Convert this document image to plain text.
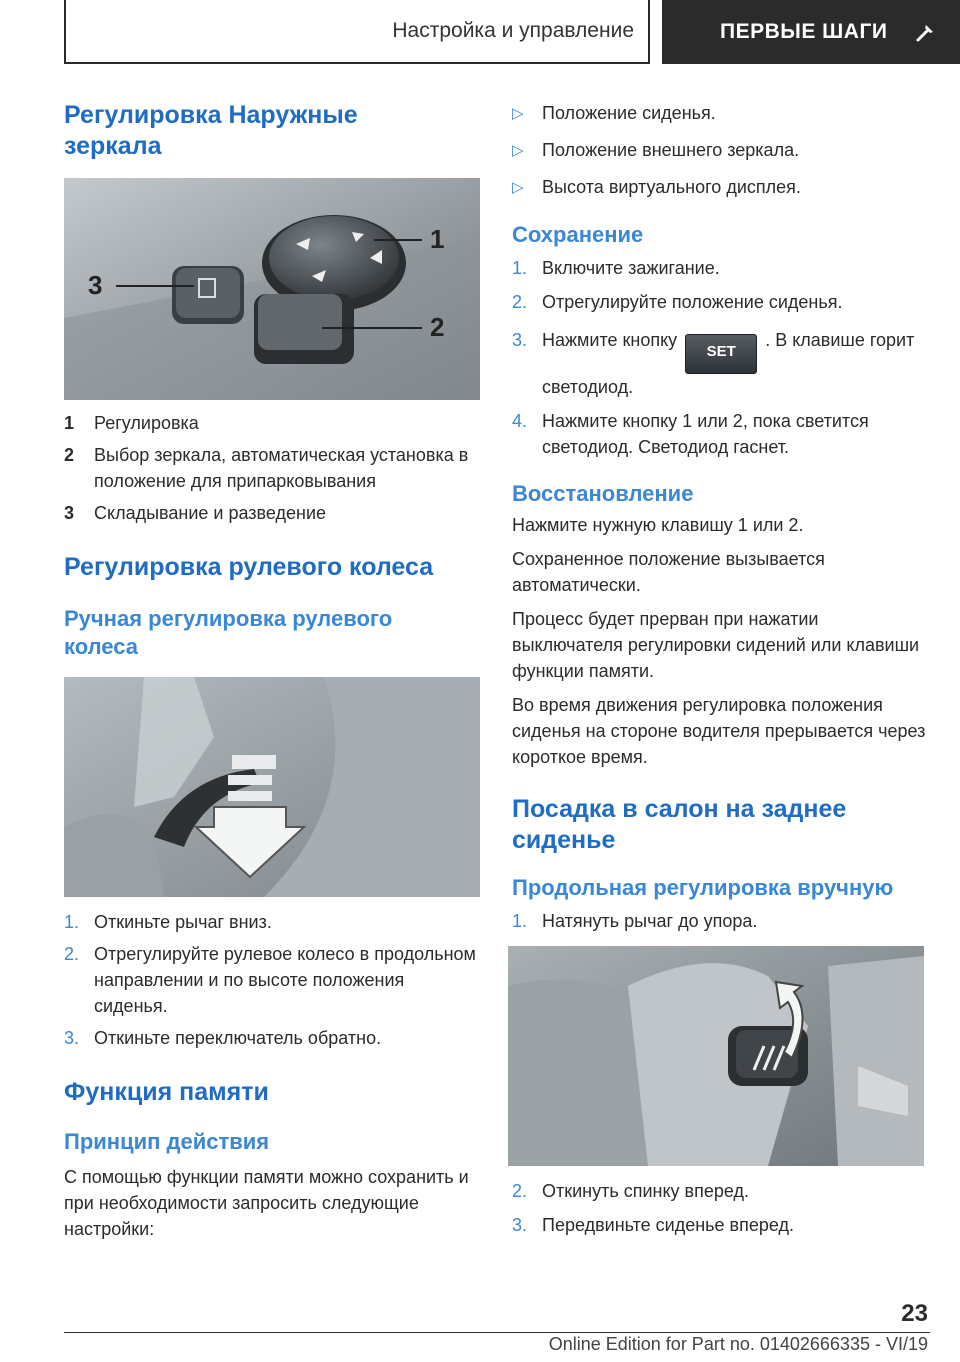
Настройка и управление	ПЕРВЫЕ ШАГИ
Регулировка Наружные зеркала
3
1
2
1	Регулировка
2	Выбор зеркала, автоматическая установка в положение для припарковывания
3	Складывание и разведение
Регулировка рулевого колеса
Ручная регулировка рулевого колеса
1. Откиньте рычаг вниз.
2. Отрегулируйте рулевое колесо в продольном направлении и по высоте положения сиденья.
3. Откиньте переключатель обратно.
Функция памяти
Принцип действия

С помощью функции памяти можно сохранить и при необходимости запросить следующие настройки:

▷	Положение сиденья.
▷	Положение внешнего зеркала.
▷	Высота виртуального дисплея.
Сохранение
1. Включите зажигание.
2. Отрегулируйте положение сиденья.
3. Нажмите кнопкуSET. В клавише горит светодиод.
4. Нажмите кнопку 1 или 2, пока светится светодиод. Светодиод гаснет.
Восстановление

Нажмите нужную клавишу 1 или 2.

Сохраненное положение вызывается автоматически.

Процесс будет прерван при нажатии выключателя регулировки сидений или клавиши функции памяти.

Во время движения регулировка положения сиденья на стороне водителя прерывается через короткое время.

Посадка в салон на заднее сиденье
Продольная регулировка вручную
1. Натянуть рычаг до упора.
2. Откинуть спинку вперед.
3. Передвиньте сиденье вперед.
23
Online Edition for Part no. 01402666335 - VI/19
